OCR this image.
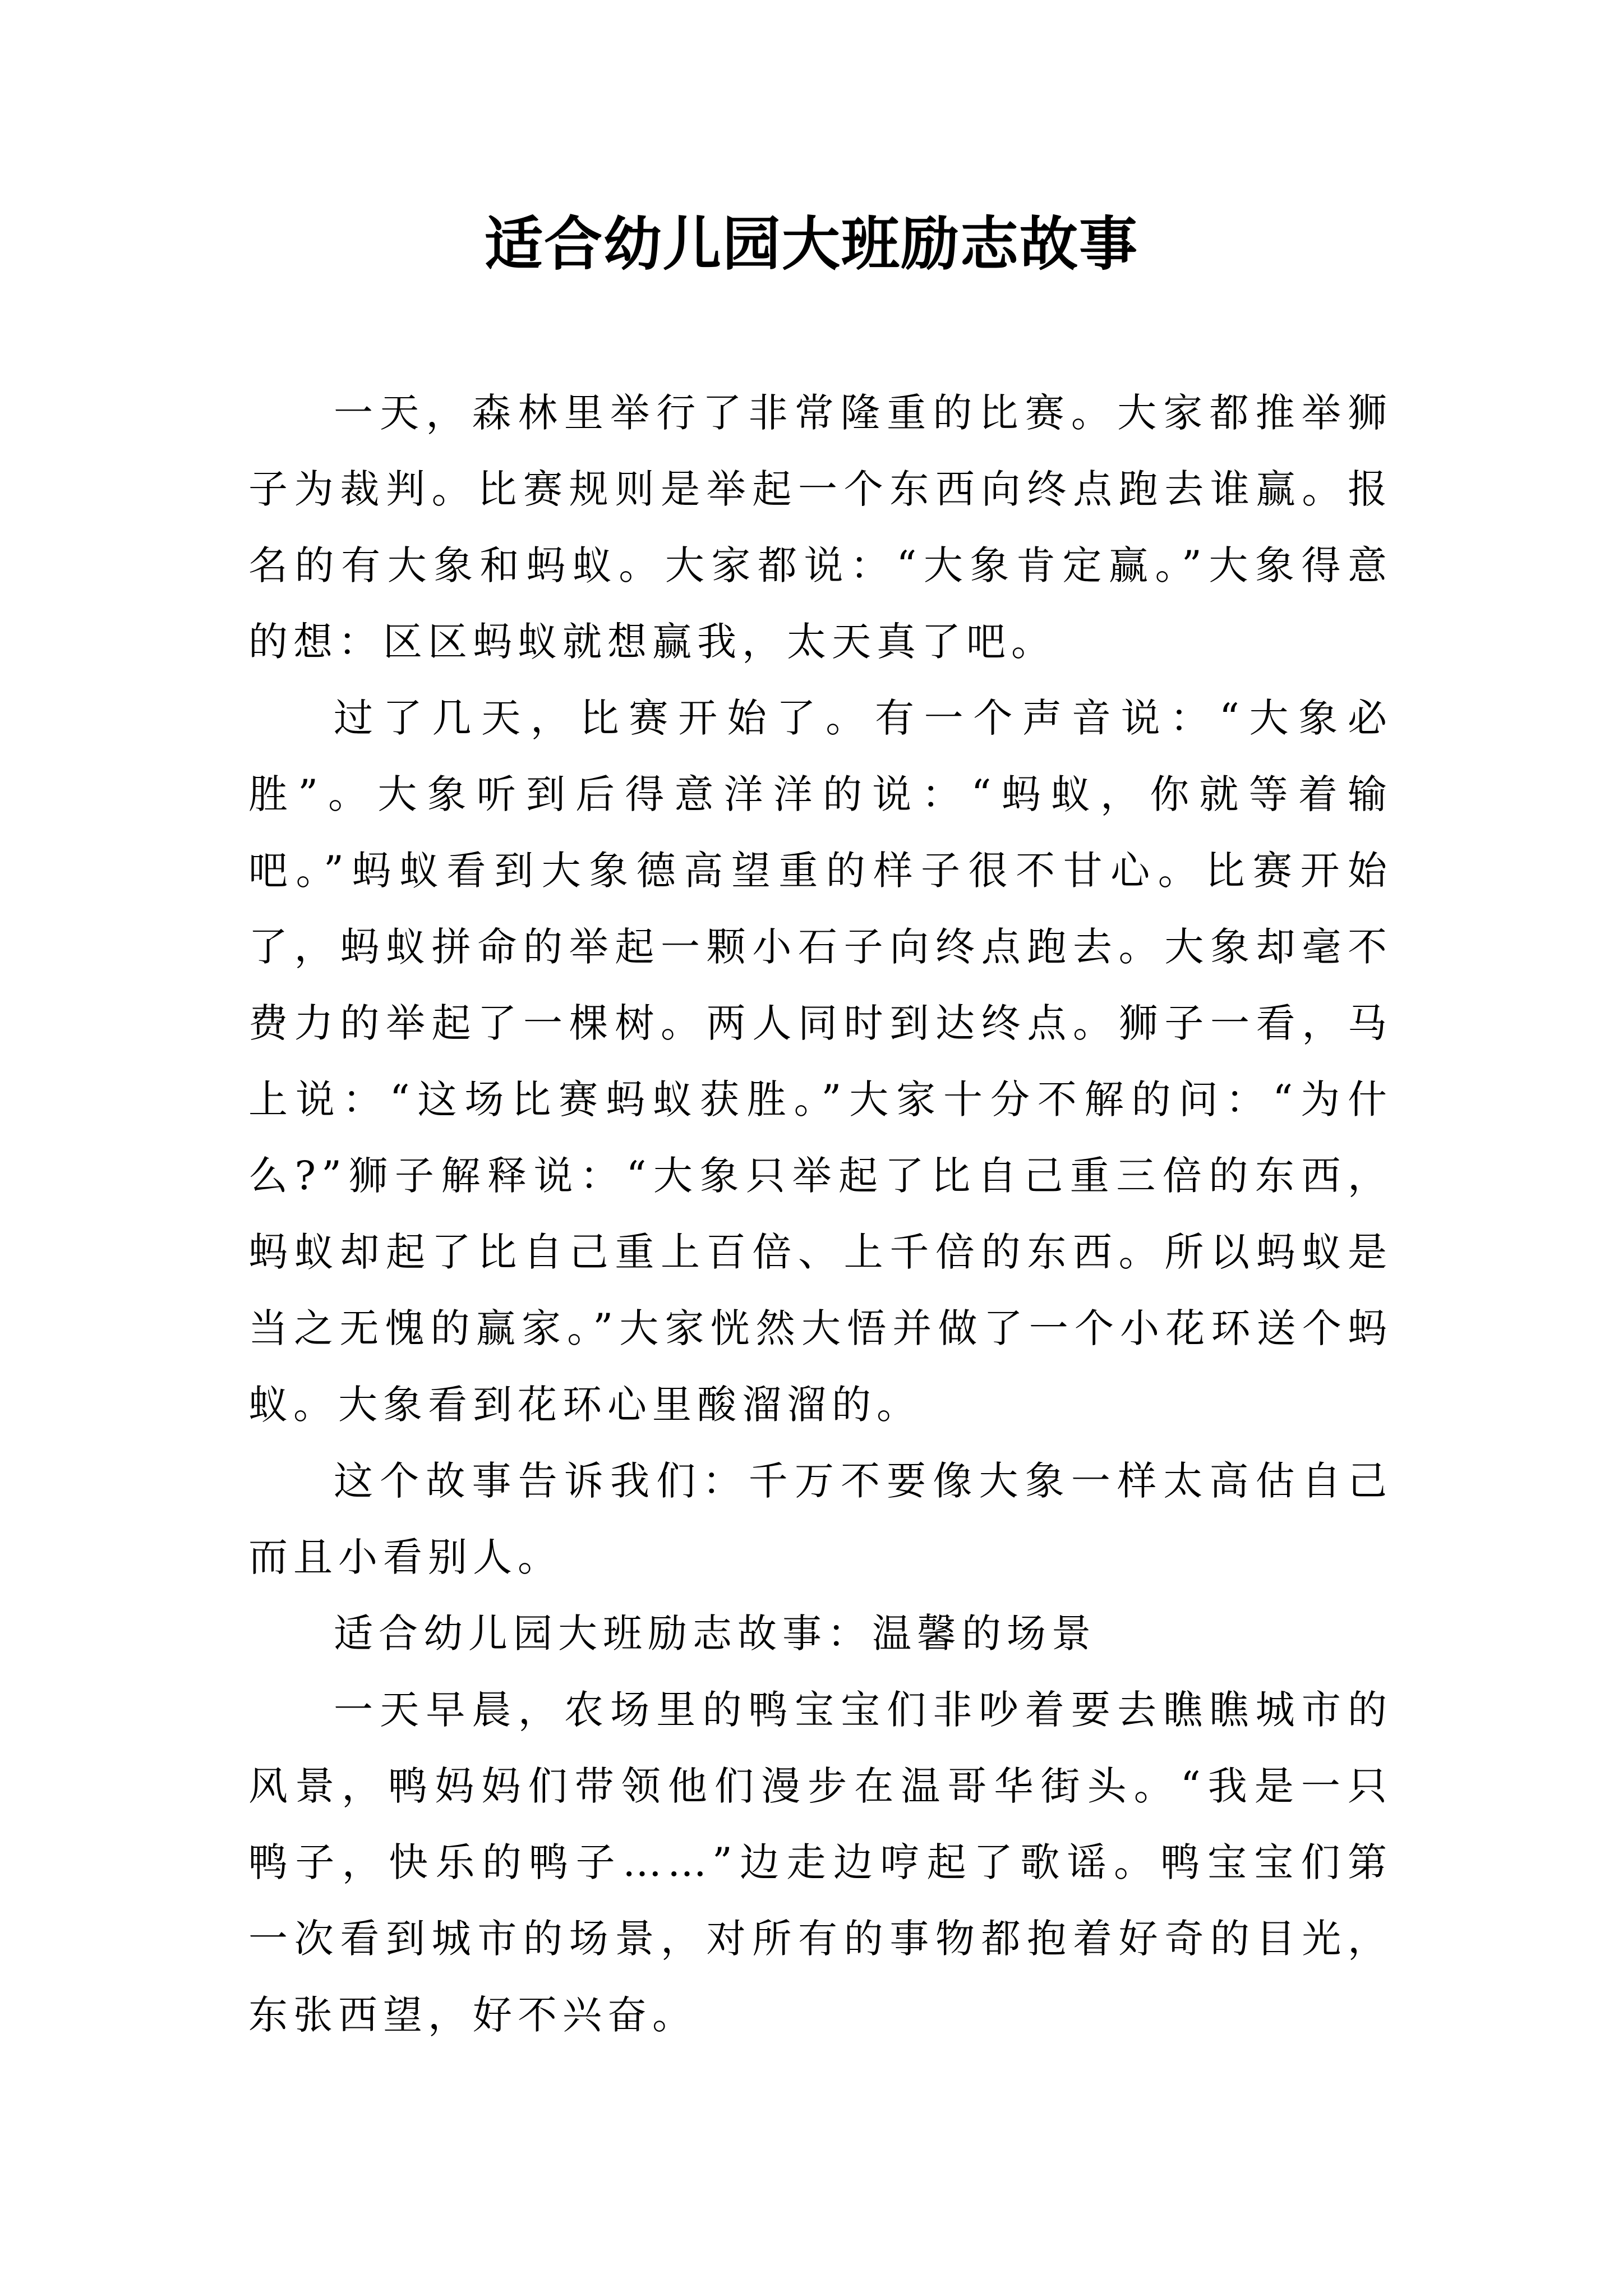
适合幼儿园大班励志故事

一天，森林里举行了非常隆重的比赛。大家都推举狮子为裁判。比赛规则是举起一个东西向终点跑去谁赢。报名的有大象和蚂蚁。大家都说：“大象肯定赢。”大象得意的想：区区蚂蚁就想赢我，太天真了吧。

过了几天，比赛开始了。有一个声音说：“大象必胜”。大象听到后得意洋洋的说：“蚂蚁，你就等着输吧。”蚂蚁看到大象德高望重的样子很不甘心。比赛开始了，蚂蚁拼命的举起一颗小石子向终点跑去。大象却毫不费力的举起了一棵树。两人同时到达终点。狮子一看，马上说：“这场比赛蚂蚁获胜。”大家十分不解的问：“为什么?”狮子解释说：“大象只举起了比自己重三倍的东西，蚂蚁却起了比自己重上百倍、上千倍的东西。所以蚂蚁是当之无愧的赢家。”大家恍然大悟并做了一个小花环送个蚂蚁。大象看到花环心里酸溜溜的。

这个故事告诉我们：千万不要像大象一样太高估自己而且小看别人。

适合幼儿园大班励志故事：温馨的场景

一天早晨，农场里的鸭宝宝们非吵着要去瞧瞧城市的风景，鸭妈妈们带领他们漫步在温哥华街头。“我是一只鸭子，快乐的鸭子……”边走边哼起了歌谣。鸭宝宝们第一次看到城市的场景，对所有的事物都抱着好奇的目光，东张西望，好不兴奋。
